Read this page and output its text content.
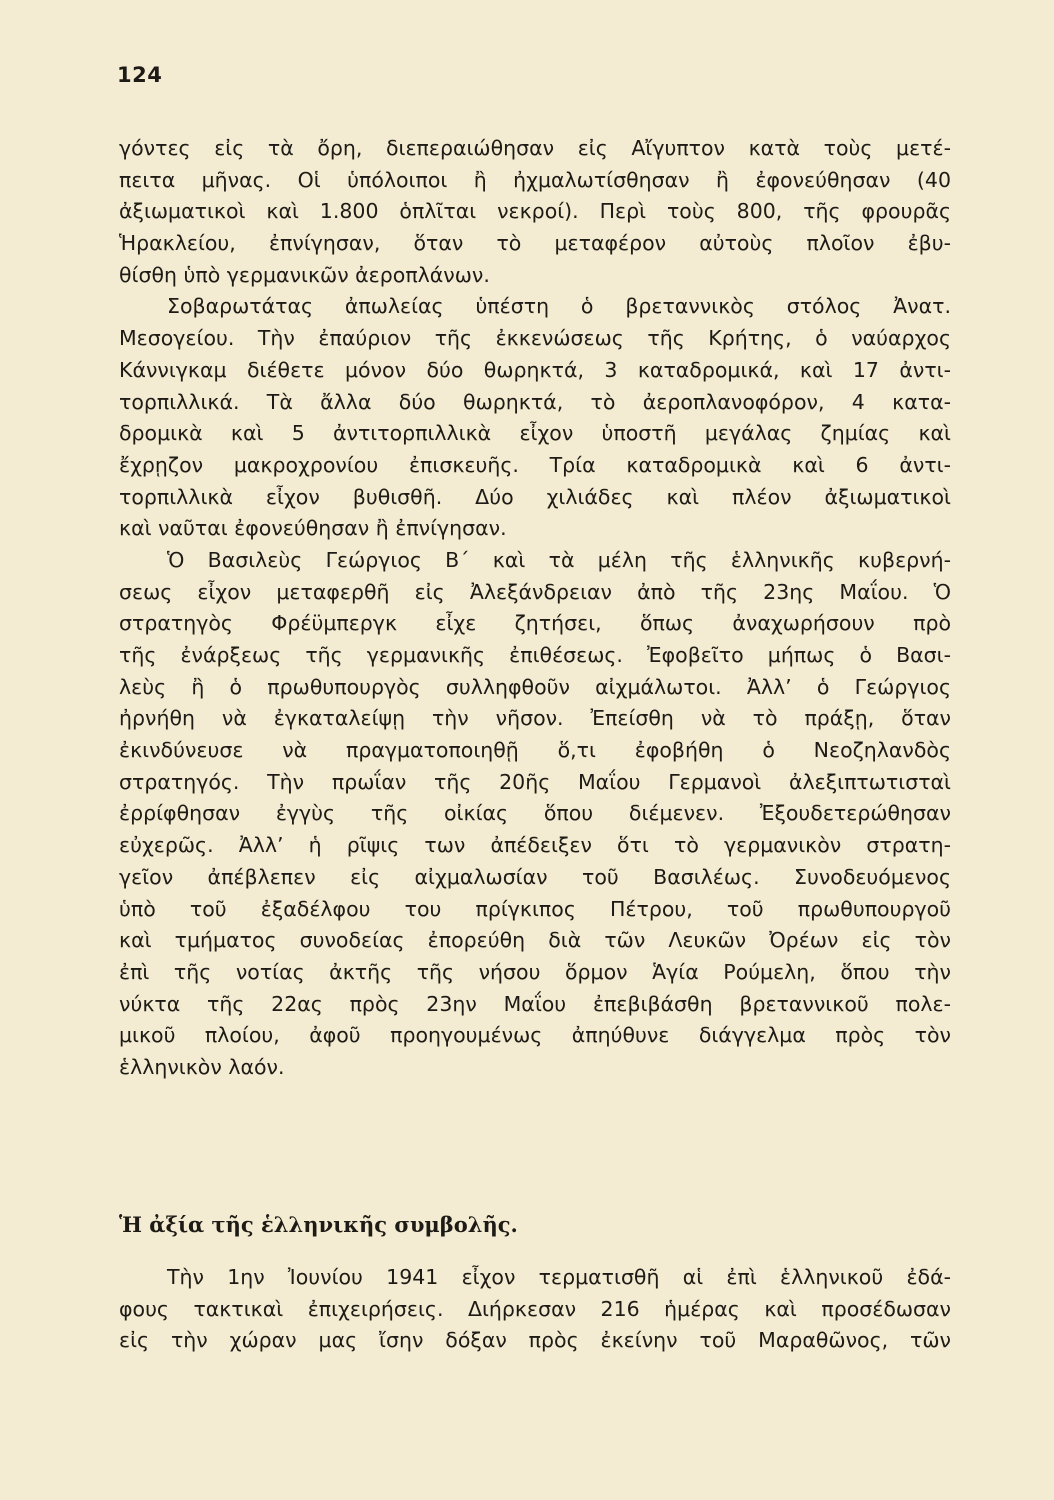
124
γόντες εἰς τὰ ὄρη, διεπεραιώθησαν εἰς Αἴγυπτον κατὰ τοὺς μετέ-
πειτα μῆνας. Οἱ ὑπόλοιποι ἢ ἠχμαλωτίσθησαν ἢ ἐφονεύθησαν (40
ἀξιωματικοὶ καὶ 1.800 ὁπλῖται νεκροί). Περὶ τοὺς 800, τῆς φρουρᾶς
Ἡρακλείου, ἐπνίγησαν, ὅταν τὸ μεταφέρον αὐτοὺς πλοῖον ἐβυ-
θίσθη ὑπὸ γερμανικῶν ἀεροπλάνων.
Σοβαρωτάτας ἀπωλείας ὑπέστη ὁ βρεταννικὸς στόλος Ἀνατ.
Μεσογείου. Τὴν ἐπαύριον τῆς ἐκκενώσεως τῆς Κρήτης, ὁ ναύαρχος
Κάννιγκαμ διέθετε μόνον δύο θωρηκτά, 3 καταδρομικά, καὶ 17 ἀντι-
τορπιλλικά. Τὰ ἄλλα δύο θωρηκτά, τὸ ἀεροπλανοφόρον, 4 κατα-
δρομικὰ καὶ 5 ἀντιτορπιλλικὰ εἶχον ὑποστῆ μεγάλας ζημίας καὶ
ἔχρῃζον μακροχρονίου ἐπισκευῆς. Τρία καταδρομικὰ καὶ 6 ἀντι-
τορπιλλικὰ εἶχον βυθισθῆ. Δύο χιλιάδες καὶ πλέον ἀξιωματικοὶ
καὶ ναῦται ἐφονεύθησαν ἢ ἐπνίγησαν.
Ὁ Βασιλεὺς Γεώργιος Β´ καὶ τὰ μέλη τῆς ἑλληνικῆς κυβερνή-
σεως εἶχον μεταφερθῆ εἰς Ἀλεξάνδρειαν ἀπὸ τῆς 23ης Μαΐου. Ὁ
στρατηγὸς Φρέϋμπεργκ εἶχε ζητήσει, ὅπως ἀναχωρήσουν πρὸ
τῆς ἐνάρξεως τῆς γερμανικῆς ἐπιθέσεως. Ἐφοβεῖτο μήπως ὁ Βασι-
λεὺς ἢ ὁ πρωθυπουργὸς συλληφθοῦν αἰχμάλωτοι. Ἀλλ’ ὁ Γεώργιος
ἠρνήθη νὰ ἐγκαταλείψῃ τὴν νῆσον. Ἐπείσθη νὰ τὸ πράξῃ, ὅταν
ἐκινδύνευσε νὰ πραγματοποιηθῇ ὅ,τι ἐφοβήθη ὁ Νεοζηλανδὸς
στρατηγός. Τὴν πρωΐαν τῆς 20ῆς Μαΐου Γερμανοὶ ἀλεξιπτωτισταὶ
ἐρρίφθησαν ἐγγὺς τῆς οἰκίας ὅπου διέμενεν. Ἐξουδετερώθησαν
εὐχερῶς. Ἀλλ’ ἡ ρῖψις των ἀπέδειξεν ὅτι τὸ γερμανικὸν στρατη-
γεῖον ἀπέβλεπεν εἰς αἰχμαλωσίαν τοῦ Βασιλέως. Συνοδευόμενος
ὑπὸ τοῦ ἐξαδέλφου του πρίγκιπος Πέτρου, τοῦ πρωθυπουργοῦ
καὶ τμήματος συνοδείας ἐπορεύθη διὰ τῶν Λευκῶν Ὀρέων εἰς τὸν
ἐπὶ τῆς νοτίας ἀκτῆς τῆς νήσου ὅρμον Ἁγία Ρούμελη, ὅπου τὴν
νύκτα τῆς 22ας πρὸς 23ην Μαΐου ἐπεβιβάσθη βρεταννικοῦ πολε-
μικοῦ πλοίου, ἀφοῦ προηγουμένως ἀπηύθυνε διάγγελμα πρὸς τὸν
ἑλληνικὸν λαόν.
Ἡ ἀξία τῆς ἑλληνικῆς συμβολῆς.
Τὴν 1ην Ἰουνίου 1941 εἶχον τερματισθῆ αἱ ἐπὶ ἑλληνικοῦ ἐδά-
φους τακτικαὶ ἐπιχειρήσεις. Διήρκεσαν 216 ἡμέρας καὶ προσέδωσαν
εἰς τὴν χώραν μας ἴσην δόξαν πρὸς ἐκείνην τοῦ Μαραθῶνος, τῶν
